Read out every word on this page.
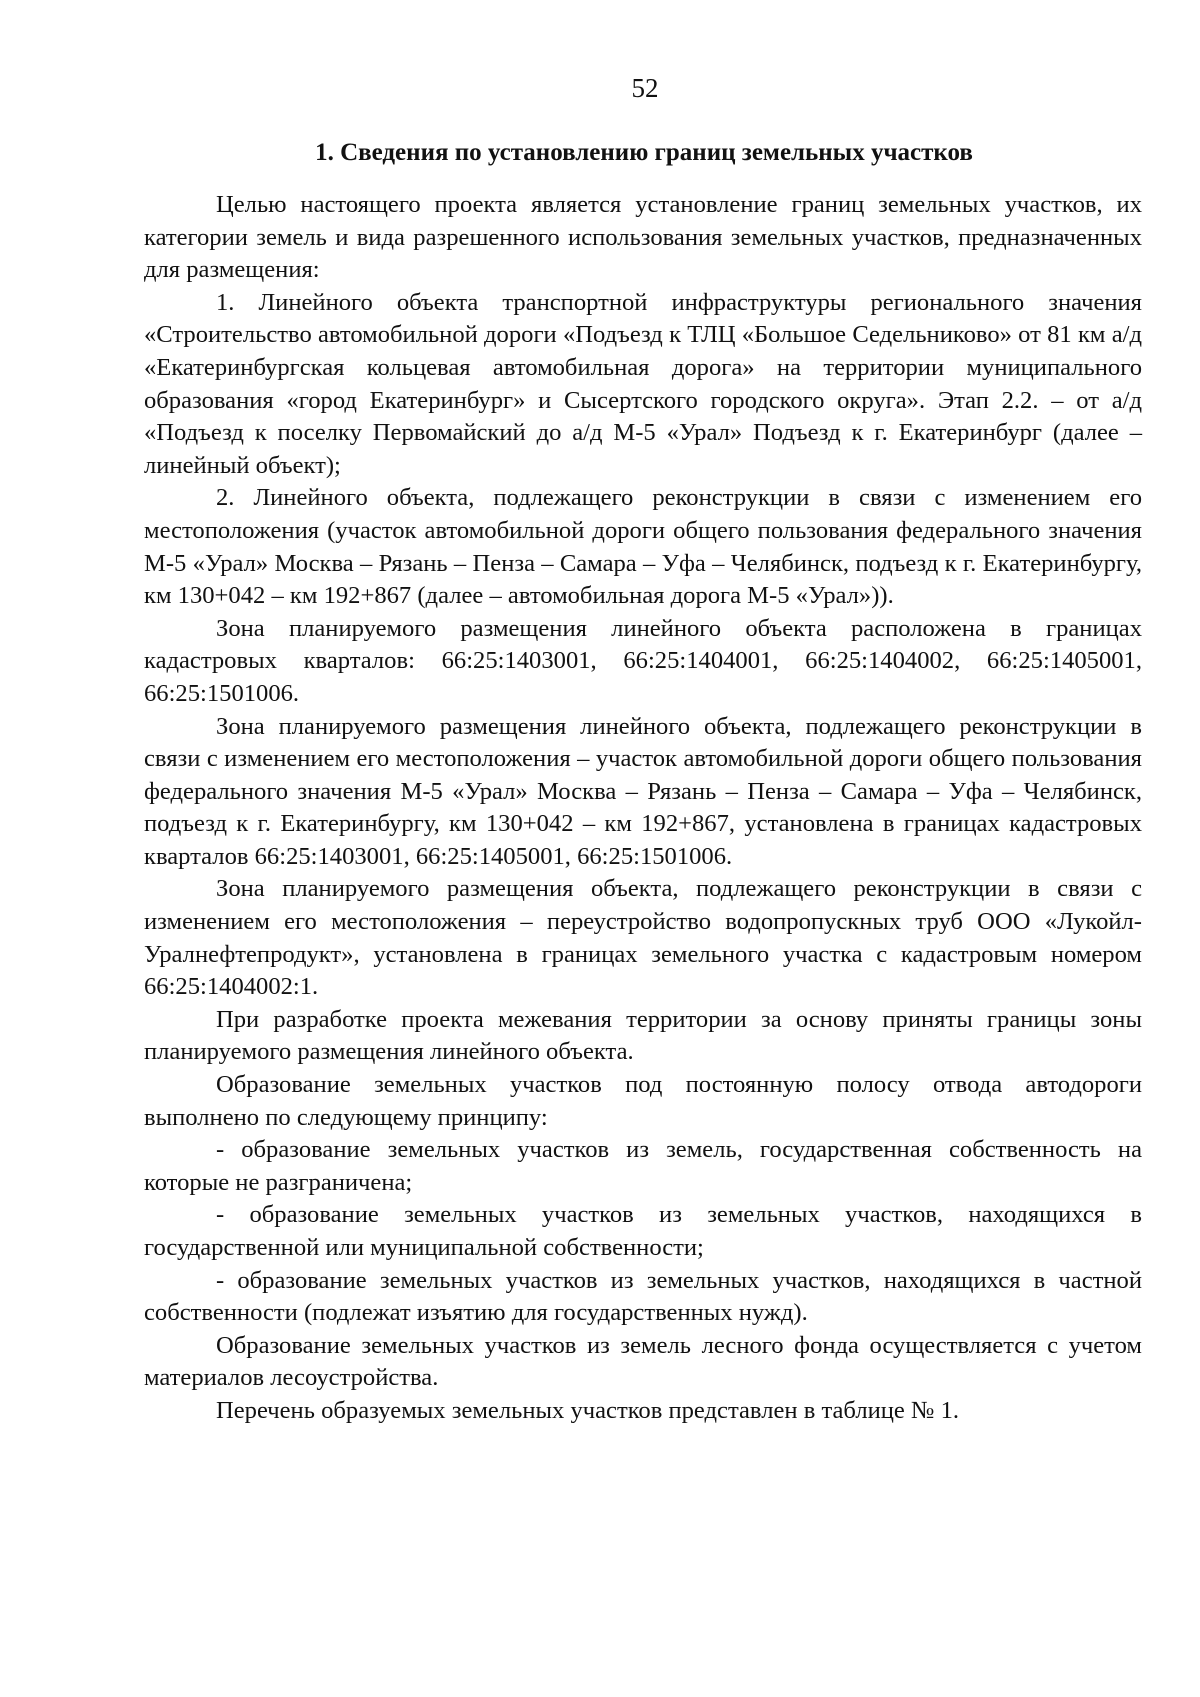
52
1. Сведения по установлению границ земельных участков

Целью настоящего проекта является установление границ земельных участков, их категории земель и вида разрешенного использования земельных участков, предназначенных для размещения:

1. Линейного объекта транспортной инфраструктуры регионального значения «Строительство автомобильной дороги «Подъезд к ТЛЦ «Большое Седельниково» от 81 км а/д «Екатеринбургская кольцевая автомобильная дорога» на территории муниципального образования «город Екатеринбург» и Сысертского городского округа». Этап 2.2. – от а/д «Подъезд к поселку Первомайский до а/д М-5 «Урал» Подъезд к г. Екатеринбург (далее – линейный объект);

2. Линейного объекта, подлежащего реконструкции в связи с изменением его местоположения (участок автомобильной дороги общего пользования федерального значения М-5 «Урал» Москва – Рязань – Пенза – Самара – Уфа – Челябинск, подъезд к г. Екатеринбургу, км 130+042 – км 192+867 (далее – автомобильная дорога М-5 «Урал»)).

Зона планируемого размещения линейного объекта расположена в границах кадастровых кварталов: 66:25:1403001, 66:25:1404001, 66:25:1404002, 66:25:1405001, 66:25:1501006.

Зона планируемого размещения линейного объекта, подлежащего реконструкции в связи с изменением его местоположения – участок автомобильной дороги общего пользования федерального значения М-5 «Урал» Москва – Рязань – Пенза – Самара – Уфа – Челябинск, подъезд к г. Екатеринбургу, км 130+042 – км 192+867, установлена в границах кадастровых кварталов 66:25:1403001, 66:25:1405001, 66:25:1501006.

Зона планируемого размещения объекта, подлежащего реконструкции в связи с изменением его местоположения – переустройство водопропускных труб ООО «Лукойл-Уралнефтепродукт», установлена в границах земельного участка с кадастровым номером 66:25:1404002:1.

При разработке проекта межевания территории за основу приняты границы зоны планируемого размещения линейного объекта.

Образование земельных участков под постоянную полосу отвода автодороги выполнено по следующему принципу:

- образование земельных участков из земель, государственная собственность на которые не разграничена;

- образование земельных участков из земельных участков, находящихся в государственной или муниципальной собственности;

- образование земельных участков из земельных участков, находящихся в частной собственности (подлежат изъятию для государственных нужд).

Образование земельных участков из земель лесного фонда осуществляется с учетом материалов лесоустройства.

Перечень образуемых земельных участков представлен в таблице № 1.
